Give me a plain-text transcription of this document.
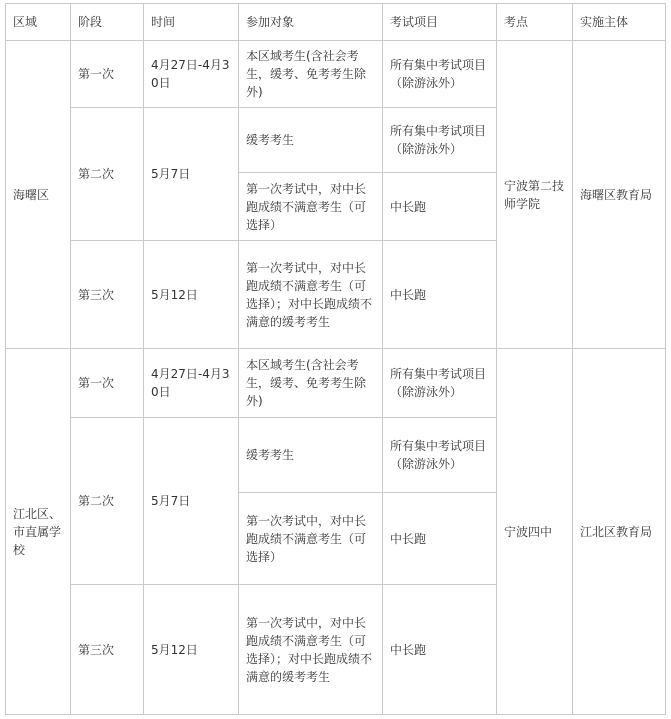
区域	阶段	时间	参加对象	考试项目	考点	实施主体
海曙区	第一次	4月27日-4月30日	本区域考生(含社会考生，缓考、免考考生除外)	所有集中考试项目（除游泳外）	宁波第二技师学院	海曙区教育局
	第二次	5月7日	缓考考生	所有集中考试项目（除游泳外）		
			第一次考试中，对中长跑成绩不满意考生（可选择）	中长跑		
	第三次	5月12日	第一次考试中，对中长跑成绩不满意考生（可选择）；对中长跑成绩不满意的缓考考生	中长跑		
江北区、市直属学校	第一次	4月27日-4月30日	本区域考生(含社会考生，缓考、免考考生除外)	所有集中考试项目（除游泳外）	宁波四中	江北区教育局
	第二次	5月7日	缓考考生	所有集中考试项目（除游泳外）		
			第一次考试中，对中长跑成绩不满意考生（可选择）	中长跑		
	第三次	5月12日	第一次考试中，对中长跑成绩不满意考生（可选择）；对中长跑成绩不满意的缓考考生	中长跑		
